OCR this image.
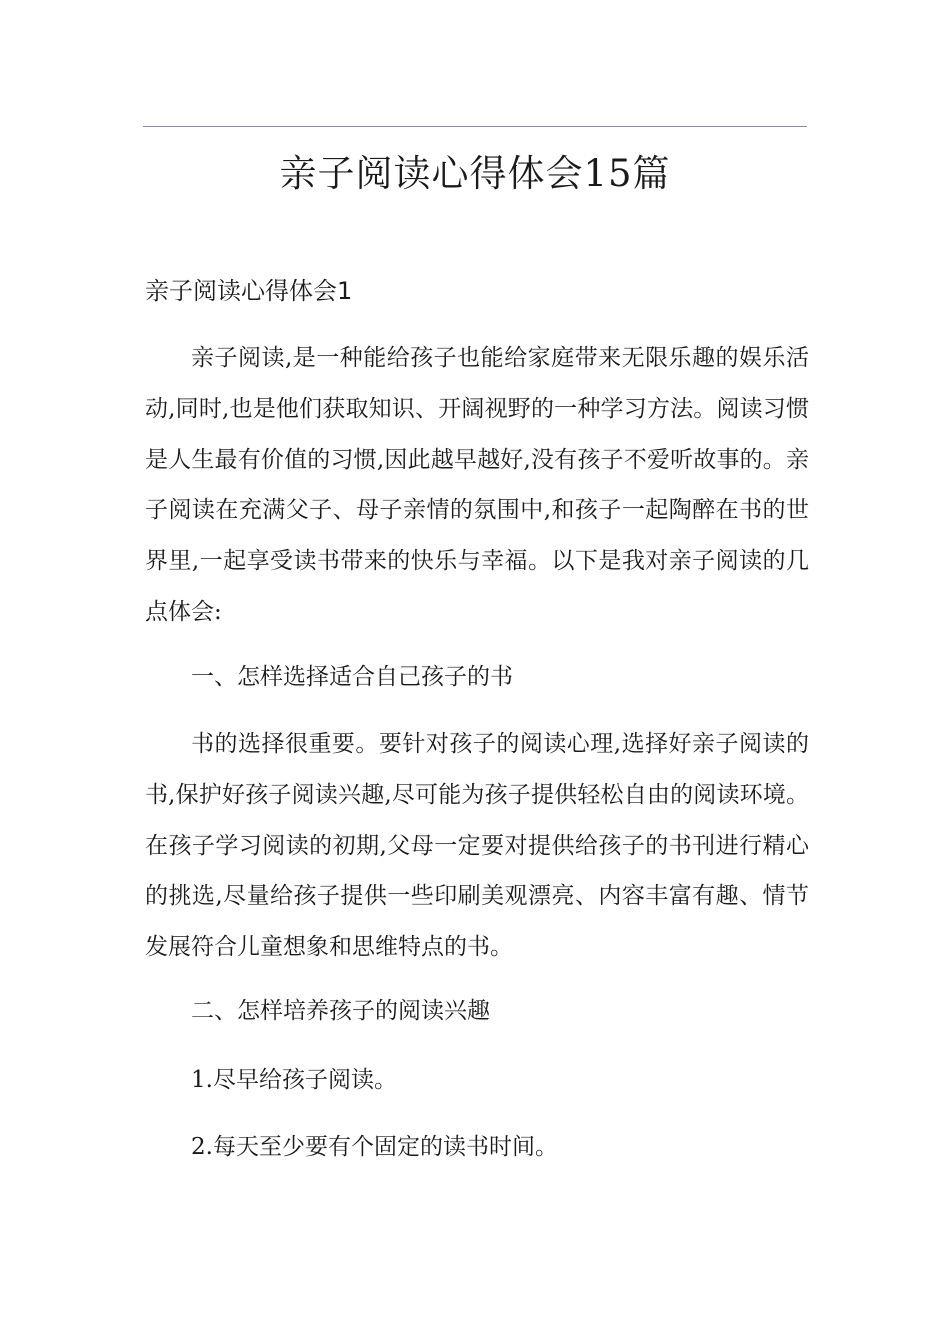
亲子阅读心得体会15篇
亲子阅读心得体会1

亲子阅读,是一种能给孩子也能给家庭带来无限乐趣的娱乐活动,同时,也是他们获取知识、开阔视野的一种学习方法。阅读习惯是人生最有价值的习惯,因此越早越好,没有孩子不爱听故事的。亲子阅读在充满父子、母子亲情的氛围中,和孩子一起陶醉在书的世界里,一起享受读书带来的快乐与幸福。以下是我对亲子阅读的几点体会:

一、怎样选择适合自己孩子的书

书的选择很重要。要针对孩子的阅读心理,选择好亲子阅读的书,保护好孩子阅读兴趣,尽可能为孩子提供轻松自由的阅读环境。在孩子学习阅读的初期,父母一定要对提供给孩子的书刊进行精心的挑选,尽量给孩子提供一些印刷美观漂亮、内容丰富有趣、情节发展符合儿童想象和思维特点的书。

二、怎样培养孩子的阅读兴趣

1.尽早给孩子阅读。

2.每天至少要有个固定的读书时间。
